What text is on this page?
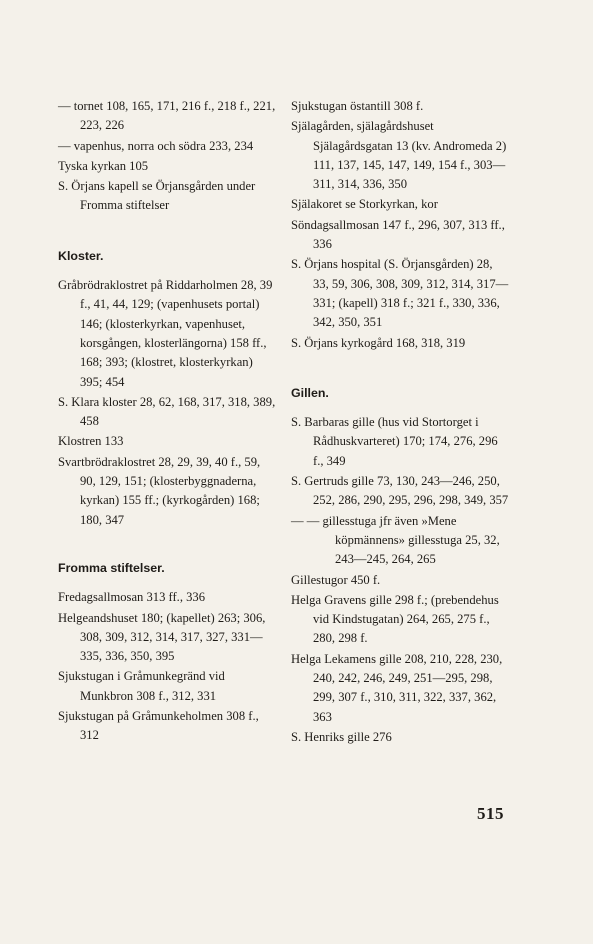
— tornet 108, 165, 171, 216 f., 218 f., 221, 223, 226

— vapenhus, norra och södra 233, 234

Tyska kyrkan 105

S. Örjans kapell se Örjansgården under Fromma stiftelser

Kloster.

Gråbrödraklostret på Riddarholmen 28, 39 f., 41, 44, 129; (vapenhusets portal) 146; (klosterkyrkan, vapenhuset, korsgången, klosterlängorna) 158 ff., 168; 393; (klostret, klosterkyrkan) 395; 454

S. Klara kloster 28, 62, 168, 317, 318, 389, 458

Klostren 133

Svartbrödraklostret 28, 29, 39, 40 f., 59, 90, 129, 151; (klosterbyggnaderna, kyrkan) 155 ff.; (kyrkogården) 168; 180, 347

Fromma stiftelser.

Fredagsallmosan 313 ff., 336

Helgeandshuset 180; (kapellet) 263; 306, 308, 309, 312, 314, 317, 327, 331—335, 336, 350, 395

Sjukstugan i Gråmunkegränd vid Munkbron 308 f., 312, 331

Sjukstugan på Gråmunkeholmen 308 f., 312

Sjukstugan östantill 308 f.

Själagården, själagårdshuset Själagårdsgatan 13 (kv. Andromeda 2) 111, 137, 145, 147, 149, 154 f., 303—311, 314, 336, 350

Själakoret se Storkyrkan, kor

Söndagsallmosan 147 f., 296, 307, 313 ff., 336

S. Örjans hospital (S. Örjansgården) 28, 33, 59, 306, 308, 309, 312, 314, 317—331; (kapell) 318 f.; 321 f., 330, 336, 342, 350, 351

S. Örjans kyrkogård 168, 318, 319

Gillen.

S. Barbaras gille (hus vid Stortorget i Rådhuskvarteret) 170; 174, 276, 296 f., 349

S. Gertruds gille 73, 130, 243—246, 250, 252, 286, 290, 295, 296, 298, 349, 357

— — gillesstuga jfr även »Mene köpmännens» gillesstuga 25, 32, 243—245, 264, 265

Gillestugor 450 f.

Helga Gravens gille 298 f.; (prebendehus vid Kindstugatan) 264, 265, 275 f., 280, 298 f.

Helga Lekamens gille 208, 210, 228, 230, 240, 242, 246, 249, 251—295, 298, 299, 307 f., 310, 311, 322, 337, 362, 363

S. Henriks gille 276

515
